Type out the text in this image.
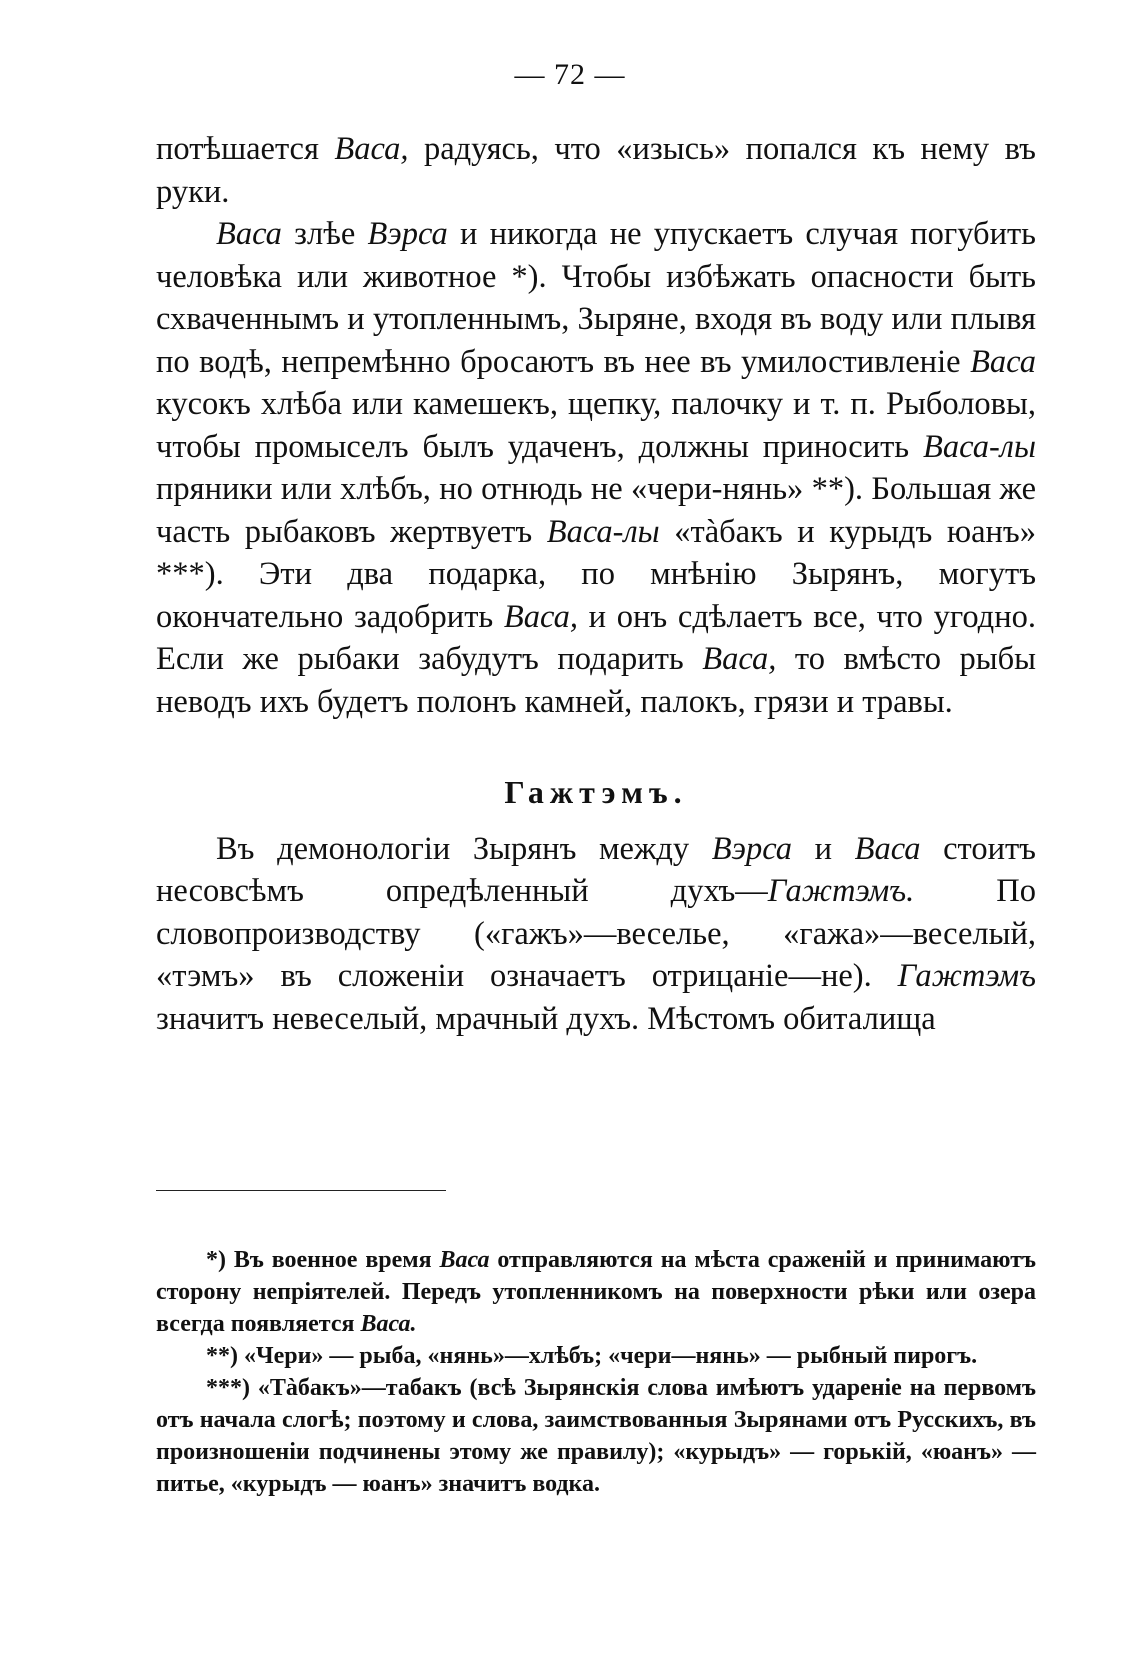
— 72 —

потѣшается Васа, радуясь, что «изысь» попался къ нему въ руки.

Васа злѣе Вэрса и никогда не упускаетъ случая погубить человѣка или животное *). Чтобы избѣжать опасности быть схваченнымъ и утопленнымъ, Зыряне, входя въ воду или плывя по водѣ, непремѣнно бросаютъ въ нее въ умилостивленіе Васа кусокъ хлѣба или камешекъ, щепку, палочку и т. п. Рыболовы, чтобы промыселъ былъ удаченъ, должны приносить Васа-лы пряники или хлѣбъ, но отнюдь не «чери-нянь» **). Большая же часть рыбаковъ жертвуетъ Васа-лы «тàбакъ и курыдъ юанъ» ***). Эти два подарка, по мнѣнію Зырянъ, могутъ окончательно задобрить Васа, и онъ сдѣлаетъ все, что угодно. Если же рыбаки забудутъ подарить Васа, то вмѣсто рыбы неводъ ихъ будетъ полонъ камней, палокъ, грязи и травы.

Гажтэмъ.

Въ демонологіи Зырянъ между Вэрса и Васа стоитъ несовсѣмъ опредѣленный духъ—Гажтэмъ. По словопроизводству («гажъ»—веселье, «гажа»—веселый, «тэмъ» въ сложеніи означаетъ отрицаніе—не). Гажтэмъ значитъ невеселый, мрачный духъ. Мѣстомъ обиталища

*) Въ военное время Васа отправляются на мѣста сраженій и принимаютъ сторону непріятелей. Передъ утопленникомъ на поверхности рѣки или озера всегда появляется Васа.

**) «Чери» — рыба, «нянь»—хлѣбъ; «чери—нянь» — рыбный пирогъ.

***) «Тàбакъ»—табакъ (всѣ Зырянскія слова имѣютъ удареніе на первомъ отъ начала слогѣ; поэтому и слова, заимствованныя Зырянами отъ Русскихъ, въ произношеніи подчинены этому же правилу); «курыдъ» — горькій, «юанъ» — питье, «курыдъ — юанъ» значитъ водка.
